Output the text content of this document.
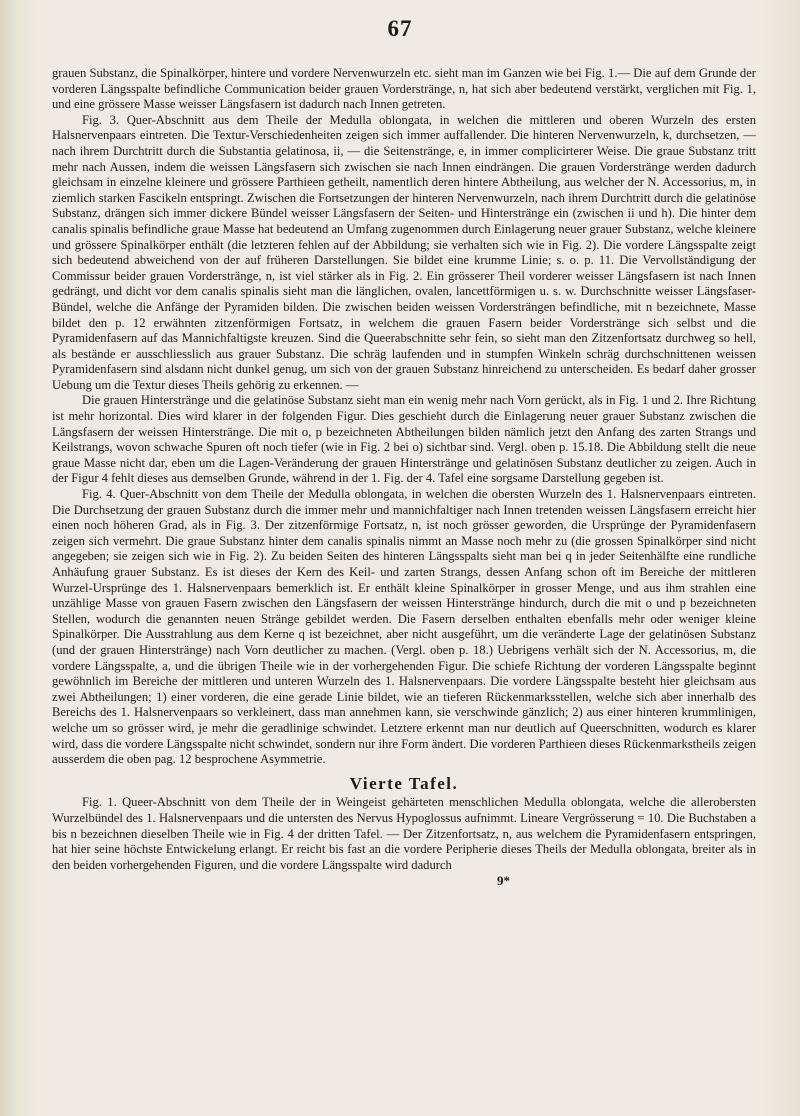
67

grauen Substanz, die Spinalkörper, hintere und vordere Nervenwurzeln etc. sieht man im Ganzen wie bei Fig. 1.— Die auf dem Grunde der vorderen Längsspalte befindliche Communication beider grauen Vorderstränge, n, hat sich aber bedeutend verstärkt, verglichen mit Fig. 1, und eine grössere Masse weisser Längsfasern ist dadurch nach Innen getreten.

Fig. 3. Quer-Abschnitt aus dem Theile der Medulla oblongata, in welchen die mittleren und oberen Wurzeln des ersten Halsnervenpaars eintreten. Die Textur-Verschiedenheiten zeigen sich immer auffallender. Die hinteren Nervenwurzeln, k, durchsetzen, — nach ihrem Durchtritt durch die Substantia gelatinosa, ii, — die Seitenstränge, e, in immer complicirterer Weise. Die graue Substanz tritt mehr nach Aussen, indem die weissen Längsfasern sich zwischen sie nach Innen eindrängen. Die grauen Vorderstränge werden dadurch gleichsam in einzelne kleinere und grössere Parthieen getheilt, namentlich deren hintere Abtheilung, aus welcher der N. Accessorius, m, in ziemlich starken Fascikeln entspringt. Zwischen die Fortsetzungen der hinteren Nervenwurzeln, nach ihrem Durchtritt durch die gelatinöse Substanz, drängen sich immer dickere Bündel weisser Längsfasern der Seiten- und Hinterstränge ein (zwischen ii und h). Die hinter dem canalis spinalis befindliche graue Masse hat bedeutend an Umfang zugenommen durch Einlagerung neuer grauer Substanz, welche kleinere und grössere Spinalkörper enthält (die letzteren fehlen auf der Abbildung; sie verhalten sich wie in Fig. 2). Die vordere Längsspalte zeigt sich bedeutend abweichend von der auf früheren Darstellungen. Sie bildet eine krumme Linie; s. o. p. 11. Die Vervollständigung der Commissur beider grauen Vorderstränge, n, ist viel stärker als in Fig. 2. Ein grösserer Theil vorderer weisser Längsfasern ist nach Innen gedrängt, und dicht vor dem canalis spinalis sieht man die länglichen, ovalen, lancettförmigen u. s. w. Durchschnitte weisser Längsfaser-Bündel, welche die Anfänge der Pyramiden bilden. Die zwischen beiden weissen Vordersträngen befindliche, mit n bezeichnete, Masse bildet den p. 12 erwähnten zitzenförmigen Fortsatz, in welchem die grauen Fasern beider Vorderstränge sich selbst und die Pyramidenfasern auf das Mannichfaltigste kreuzen. Sind die Queerabschnitte sehr fein, so sieht man den Zitzenfortsatz durchweg so hell, als bestände er ausschliesslich aus grauer Substanz. Die schräg laufenden und in stumpfen Winkeln schräg durchschnittenen weissen Pyramidenfasern sind alsdann nicht dunkel genug, um sich von der grauen Substanz hinreichend zu unterscheiden. Es bedarf daher grosser Uebung um die Textur dieses Theils gehörig zu erkennen. —

Die grauen Hinterstränge und die gelatinöse Substanz sieht man ein wenig mehr nach Vorn gerückt, als in Fig. 1 und 2. Ihre Richtung ist mehr horizontal. Dies wird klarer in der folgenden Figur. Dies geschieht durch die Einlagerung neuer grauer Substanz zwischen die Längsfasern der weissen Hinterstränge. Die mit o, p bezeichneten Abtheilungen bilden nämlich jetzt den Anfang des zarten Strangs und Keilstrangs, wovon schwache Spuren oft noch tiefer (wie in Fig. 2 bei o) sichtbar sind. Vergl. oben p. 15.18. Die Abbildung stellt die neue graue Masse nicht dar, eben um die Lagen-Veränderung der grauen Hinterstränge und gelatinösen Substanz deutlicher zu zeigen. Auch in der Figur 4 fehlt dieses aus demselben Grunde, während in der 1. Fig. der 4. Tafel eine sorgsame Darstellung gegeben ist.

Fig. 4. Quer-Abschnitt von dem Theile der Medulla oblongata, in welchen die obersten Wurzeln des 1. Halsnervenpaars eintreten. Die Durchsetzung der grauen Substanz durch die immer mehr und mannichfaltiger nach Innen tretenden weissen Längsfasern erreicht hier einen noch höheren Grad, als in Fig. 3. Der zitzenförmige Fortsatz, n, ist noch grösser geworden, die Ursprünge der Pyramidenfasern zeigen sich vermehrt. Die graue Substanz hinter dem canalis spinalis nimmt an Masse noch mehr zu (die grossen Spinalkörper sind nicht angegeben; sie zeigen sich wie in Fig. 2). Zu beiden Seiten des hinteren Längsspalts sieht man bei q in jeder Seitenhälfte eine rundliche Anhäufung grauer Substanz. Es ist dieses der Kern des Keil- und zarten Strangs, dessen Anfang schon oft im Bereiche der mittleren Wurzel-Ursprünge des 1. Halsnervenpaars bemerklich ist. Er enthält kleine Spinalkörper in grosser Menge, und aus ihm strahlen eine unzählige Masse von grauen Fasern zwischen den Längsfasern der weissen Hinterstränge hindurch, durch die mit o und p bezeichneten Stellen, wodurch die genannten neuen Stränge gebildet werden. Die Fasern derselben enthalten ebenfalls mehr oder weniger kleine Spinalkörper. Die Ausstrahlung aus dem Kerne q ist bezeichnet, aber nicht ausgeführt, um die veränderte Lage der gelatinösen Substanz (und der grauen Hinterstränge) nach Vorn deutlicher zu machen. (Vergl. oben p. 18.) Uebrigens verhält sich der N. Accessorius, m, die vordere Längsspalte, a, und die übrigen Theile wie in der vorhergehenden Figur. Die schiefe Richtung der vorderen Längsspalte beginnt gewöhnlich im Bereiche der mittleren und unteren Wurzeln des 1. Halsnervenpaars. Die vordere Längsspalte besteht hier gleichsam aus zwei Abtheilungen; 1) einer vorderen, die eine gerade Linie bildet, wie an tieferen Rückenmarksstellen, welche sich aber innerhalb des Bereichs des 1. Halsnervenpaars so verkleinert, dass man annehmen kann, sie verschwinde gänzlich; 2) aus einer hinteren krummlinigen, welche um so grösser wird, je mehr die geradlinige schwindet. Letztere erkennt man nur deutlich auf Queerschnitten, wodurch es klarer wird, dass die vordere Längsspalte nicht schwindet, sondern nur ihre Form ändert. Die vorderen Parthieen dieses Rückenmarkstheils zeigen ausserdem die oben pag. 12 besprochene Asymmetrie.

Vierte Tafel.

Fig. 1. Queer-Abschnitt von dem Theile der in Weingeist gehärteten menschlichen Medulla oblongata, welche die allerobersten Wurzelbündel des 1. Halsnervenpaars und die untersten des Nervus Hypoglossus aufnimmt. Lineare Vergrösserung = 10. Die Buchstaben a bis n bezeichnen dieselben Theile wie in Fig. 4 der dritten Tafel. — Der Zitzenfortsatz, n, aus welchem die Pyramidenfasern entspringen, hat hier seine höchste Entwickelung erlangt. Er reicht bis fast an die vordere Peripherie dieses Theils der Medulla oblongata, breiter als in den beiden vorhergehenden Figuren, und die vordere Längsspalte wird dadurch

9*
